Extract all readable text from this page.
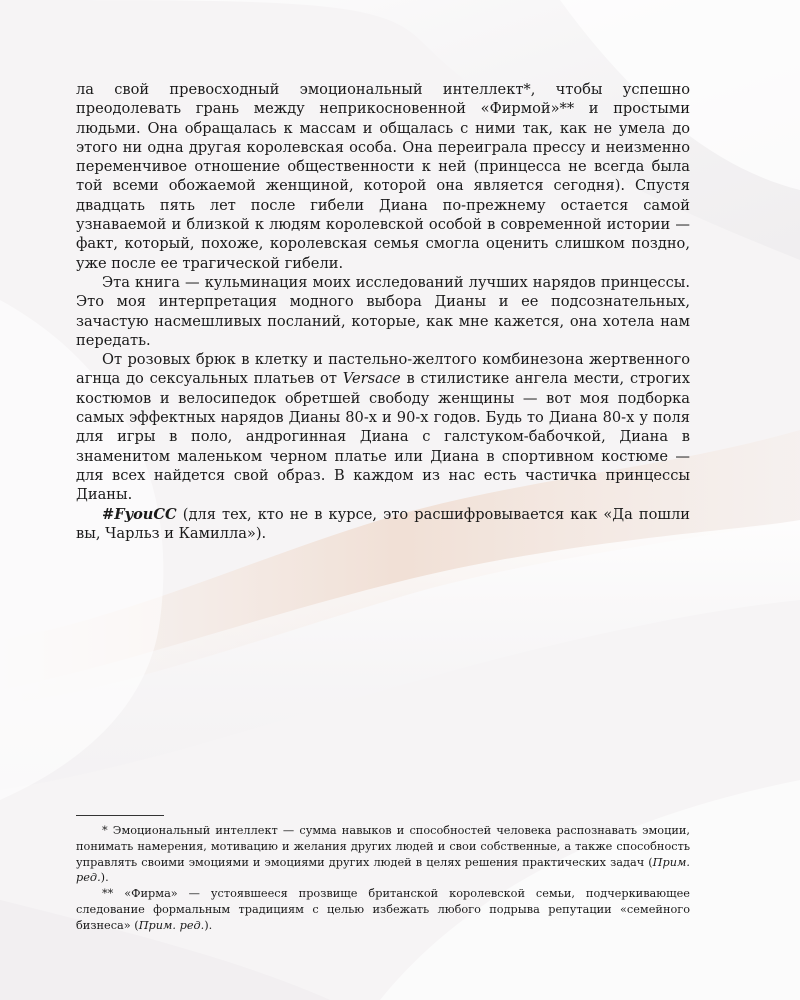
ла свой превосходный эмоциональный интеллект*, чтобы успешно преодолевать грань между неприкосновенной «Фирмой»** и простыми людьми. Она обращалась к массам и общалась с ними так, как не умела до этого ни одна другая королевская особа. Она переиграла прессу и неизменно переменчивое отношение общественности к ней (принцесса не всегда была той всеми обожаемой женщиной, которой она является сегодня). Спустя двадцать пять лет после гибели Диана по-прежнему остается самой узнаваемой и близкой к людям королевской особой в современной истории — факт, который, похоже, королевская семья смогла оценить слишком поздно, уже после ее трагической гибели.

Эта книга — кульминация моих исследований лучших нарядов принцессы. Это моя интерпретация модного выбора Дианы и ее подсознательных, зачастую насмешливых посланий, которые, как мне кажется, она хотела нам передать.

От розовых брюк в клетку и пастельно-желтого комбинезона жертвенного агнца до сексуальных платьев от Versace в стилистике ангела мести, строгих костюмов и велосипедок обретшей свободу женщины — вот моя подборка самых эффектных нарядов Дианы 80-х и 90-х годов. Будь то Диана 80-х у поля для игры в поло, андрогинная Диана с галстуком-бабочкой, Диана в знаменитом маленьком черном платье или Диана в спортивном костюме — для всех найдется свой образ. В каждом из нас есть частичка принцессы Дианы.

#FyouCC (для тех, кто не в курсе, это расшифровывается как «Да пошли вы, Чарльз и Камилла»).

* Эмоциональный интеллект — сумма навыков и способностей человека распознавать эмоции, понимать намерения, мотивацию и желания других людей и свои собственные, а также способность управлять своими эмоциями и эмоциями других людей в целях решения практических задач (Прим. ред.).

** «Фирма» — устоявшееся прозвище британской королевской семьи, подчеркивающее следование формальным традициям с целью избежать любого подрыва репутации «семейного бизнеса» (Прим. ред.).
